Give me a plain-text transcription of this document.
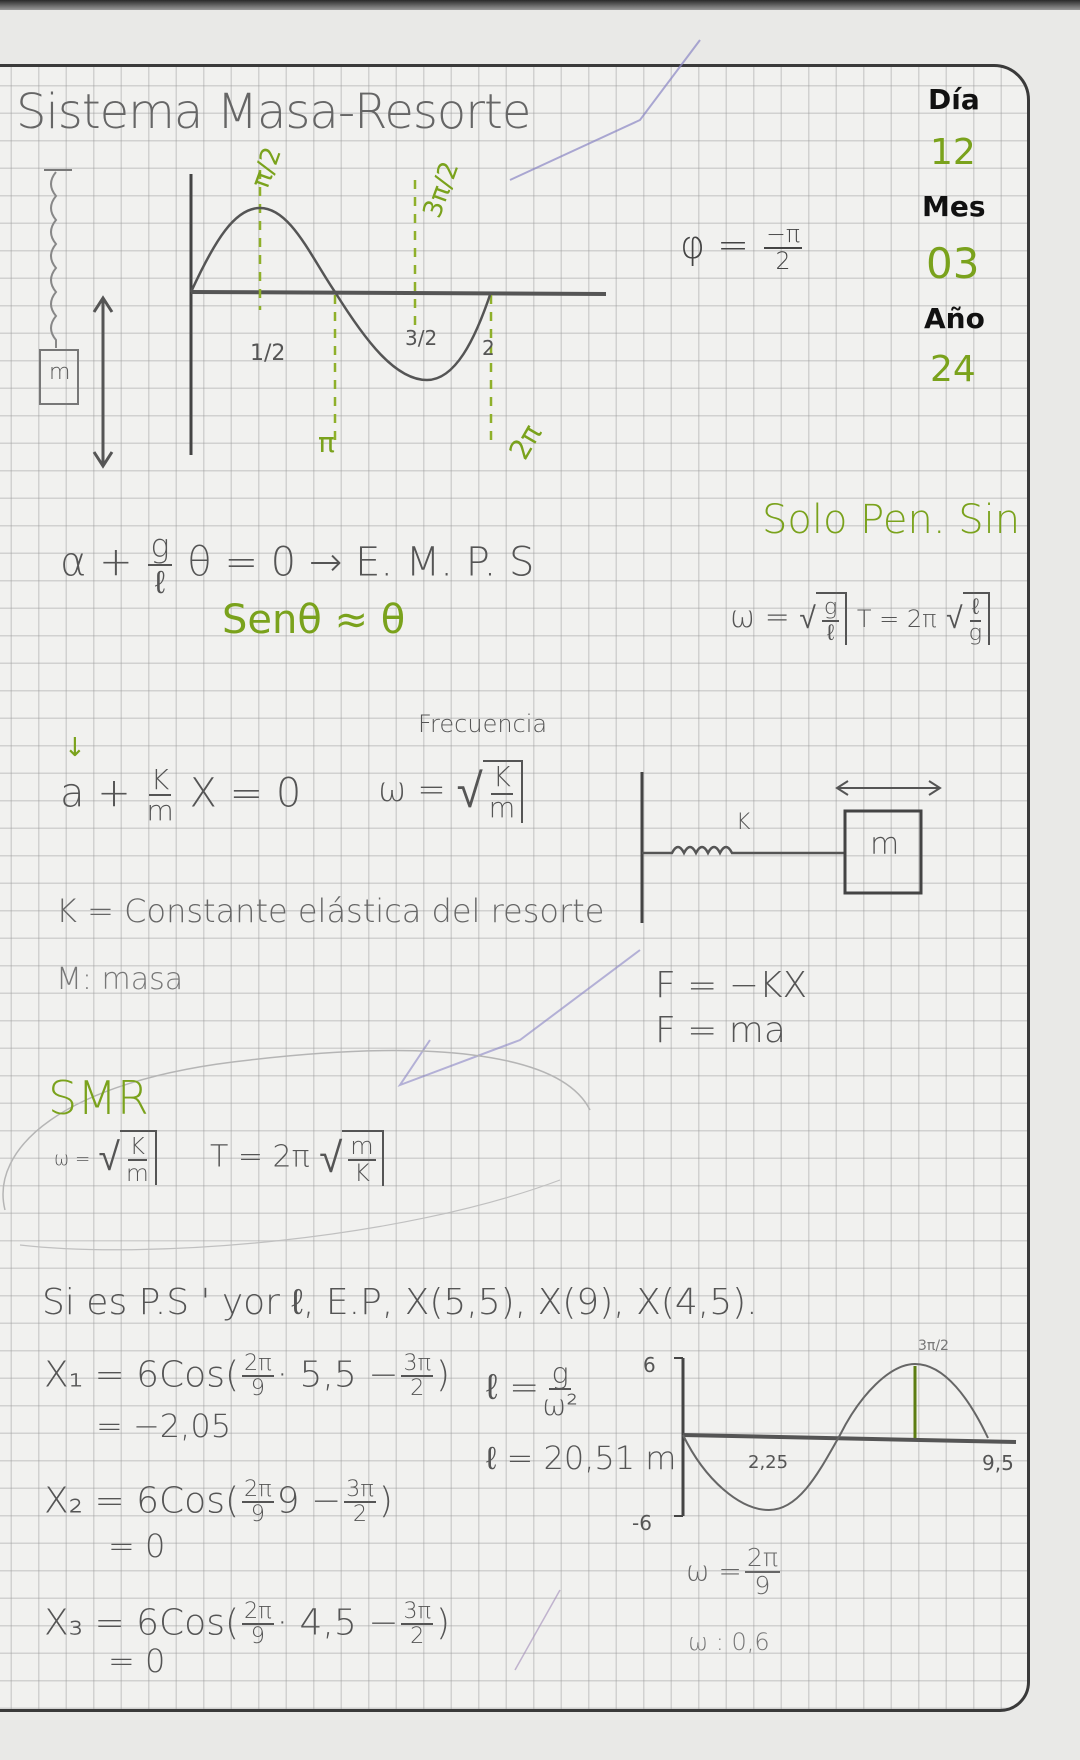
π/2	3π/2
π	2π
1/2
3/2 2
6
-6
2,25	9,5
3π/2
Sistema Masa-Resorte	Día
12
Mes
03
Año
24
m
$\varphi = \frac{-\pi}{2}$
$\alpha + \frac{g}{\text{ℓ}}$ θ = 0 → E. M. P. S
Senθ ≈ θ
Solo Pen. Sin
ω = √ $\frac{g}{\text{ℓ}}$ T = 2π √ $\frac{\text{ℓ}}{g}$
Frecuencia
↓
$a + \frac{K}{m}$ X = 0 ω = √ $\frac{K}{m}$
K = Constante elástica del resorte
M: masa
K
m
F = −KX
F = ma
SMR
ω = √ $\frac{K}{m}$ T = 2π √ $\frac{m}{K}$
Si es P.S ' yor ℓ, E.P, X(5,5), X(9), X(4,5).
$X_1 = 6Cos( \frac{2\pi}{9} \cdot 5,5 - \frac{3\pi}{2}$ )
= −2,05
$X_2 = 6Cos( \frac{2\pi}{9} 9 - \frac{3\pi}{2}$ )
= 0
$X_3 = 6Cos( \frac{2\pi}{9} \cdot 4,5 - \frac{3\pi}{2}$ )
= 0
ℓ = $\frac{g}{\text{ω²}}$
ℓ = 20,51 m
$\omega = \frac{2\pi}{9}$
ω : 0,6
